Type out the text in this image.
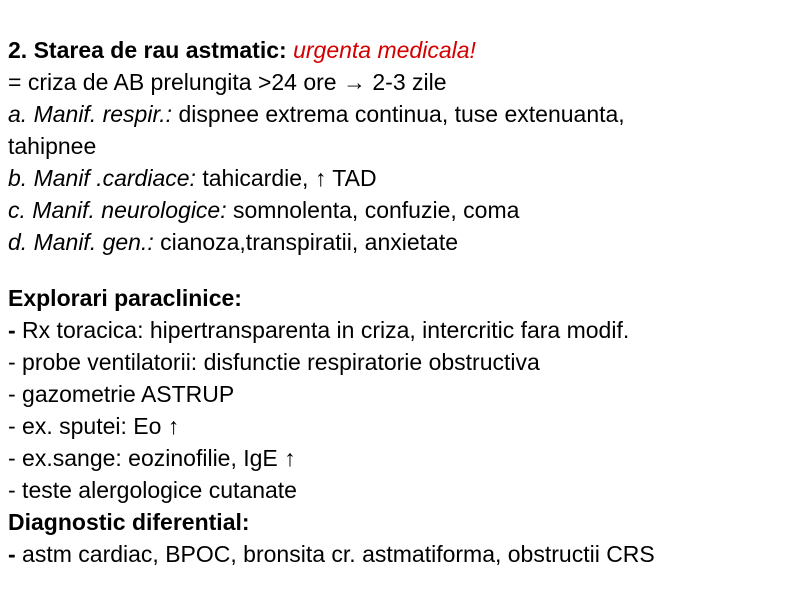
2. Starea de rau astmatic: urgenta medicala!
= criza de AB prelungita >24 ore → 2-3 zile
a. Manif. respir.: dispnee extrema continua, tuse extenuanta,
tahipnee
b. Manif .cardiace: tahicardie, ↑ TAD
c. Manif. neurologice: somnolenta, confuzie, coma
d. Manif. gen.: cianoza,transpiratii, anxietate
Explorari paraclinice:
- Rx toracica: hipertransparenta in criza, intercritic fara modif.
- probe ventilatorii: disfunctie respiratorie obstructiva
- gazometrie ASTRUP
- ex. sputei: Eo ↑
- ex.sange: eozinofilie, IgE ↑
- teste alergologice cutanate
Diagnostic diferential:
- astm cardiac, BPOC, bronsita cr. astmatiforma, obstructii CRS
